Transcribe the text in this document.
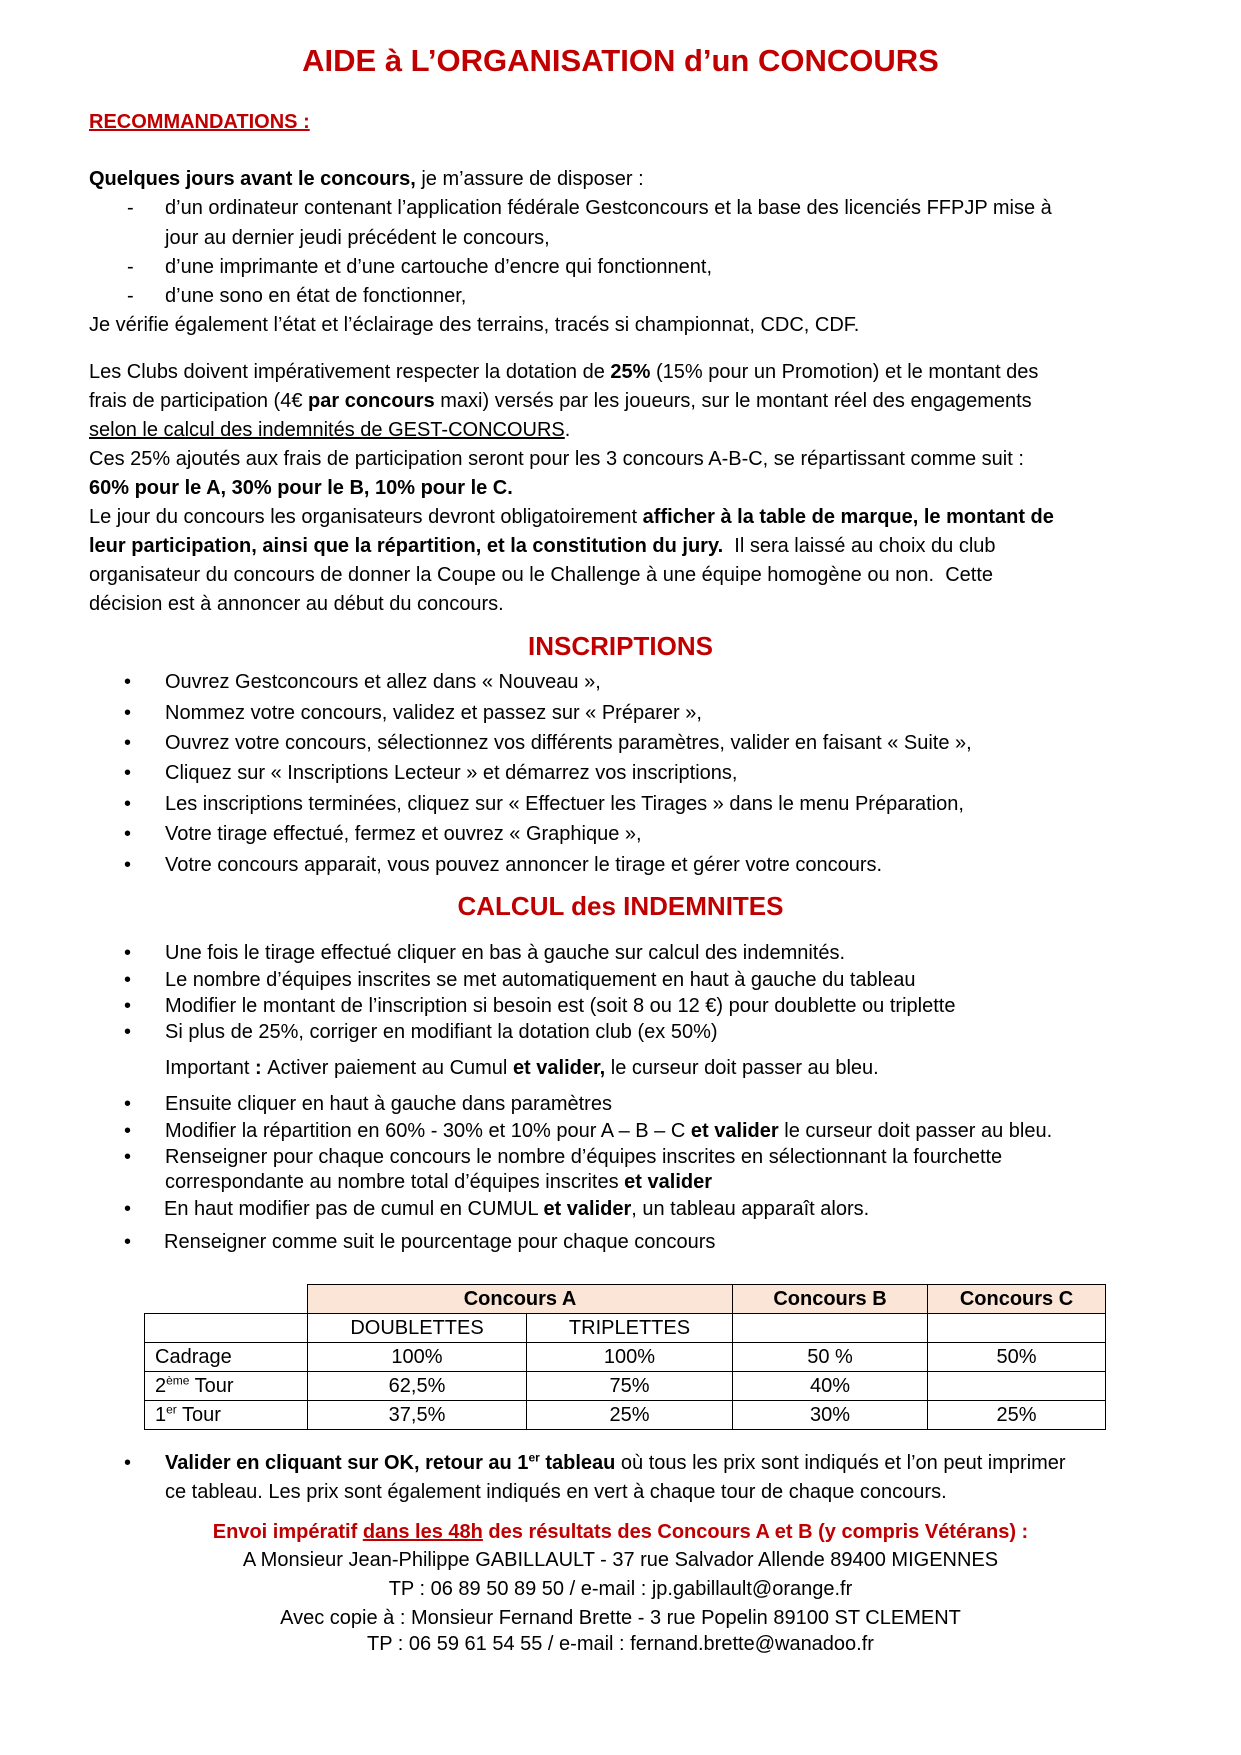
AIDE à L’ORGANISATION d’un CONCOURS
RECOMMANDATIONS :
Quelques jours avant le concours, je m’assure de disposer :
- d’un ordinateur contenant l’application fédérale Gestconcours et la base des licenciés FFPJP mise à
jour au dernier jeudi précédent le concours,
- d’une imprimante et d’une cartouche d’encre qui fonctionnent,
- d’une sono en état de fonctionner,
Je vérifie également l’état et l’éclairage des terrains, tracés si championnat, CDC, CDF.
Les Clubs doivent impérativement respecter la dotation de 25% (15% pour un Promotion) et le montant des
frais de participation (4€ par concours maxi) versés par les joueurs, sur le montant réel des engagements
selon le calcul des indemnités de GEST-CONCOURS.
Ces 25% ajoutés aux frais de participation seront pour les 3 concours A-B-C, se répartissant comme suit :
60% pour le A, 30% pour le B, 10% pour le C.
Le jour du concours les organisateurs devront obligatoirement afficher à la table de marque, le montant de
leur participation, ainsi que la répartition, et la constitution du jury.  Il sera laissé au choix du club
organisateur du concours de donner la Coupe ou le Challenge à une équipe homogène ou non.  Cette
décision est à annoncer au début du concours.
INSCRIPTIONS
• Ouvrez Gestconcours et allez dans « Nouveau »,
• Nommez votre concours, validez et passez sur « Préparer »,
• Ouvrez votre concours, sélectionnez vos différents paramètres, valider en faisant « Suite »,
• Cliquez sur « Inscriptions Lecteur » et démarrez vos inscriptions,
• Les inscriptions terminées, cliquez sur « Effectuer les Tirages » dans le menu Préparation,
• Votre tirage effectué, fermez et ouvrez « Graphique »,
• Votre concours apparait, vous pouvez annoncer le tirage et gérer votre concours.
CALCUL des INDEMNITES
• Une fois le tirage effectué cliquer en bas à gauche sur calcul des indemnités.
• Le nombre d’équipes inscrites se met automatiquement en haut à gauche du tableau
• Modifier le montant de l’inscription si besoin est (soit 8 ou 12 €) pour doublette ou triplette
• Si plus de 25%, corriger en modifiant la dotation club (ex 50%)
Important : Activer paiement au Cumul et valider, le curseur doit passer au bleu.
• Ensuite cliquer en haut à gauche dans paramètres
• Modifier la répartition en 60% - 30% et 10% pour A – B – C et valider le curseur doit passer au bleu.
• Renseigner pour chaque concours le nombre d’équipes inscrites en sélectionnant la fourchette
correspondante au nombre total d’équipes inscrites et valider
• En haut modifier pas de cumul en CUMUL et valider, un tableau apparaît alors.
• Renseigner comme suit le pourcentage pour chaque concours
	Concours A		Concours B	Concours C
	DOUBLETTES	TRIPLETTES		
Cadrage	100%	100%	50 %	50%
2ème Tour	62,5%	75%	40%	
1er Tour	37,5%	25%	30%	25%
• Valider en cliquant sur OK, retour au 1er tableau où tous les prix sont indiqués et l’on peut imprimer
ce tableau. Les prix sont également indiqués en vert à chaque tour de chaque concours.
Envoi impératif dans les 48h des résultats des Concours A et B (y compris Vétérans) :
A Monsieur Jean-Philippe GABILLAULT - 37 rue Salvador Allende 89400 MIGENNES
TP : 06 89 50 89 50 / e-mail : jp.gabillault@orange.fr
Avec copie à : Monsieur Fernand Brette - 3 rue Popelin 89100 ST CLEMENT
TP : 06 59 61 54 55 / e-mail : fernand.brette@wanadoo.fr
